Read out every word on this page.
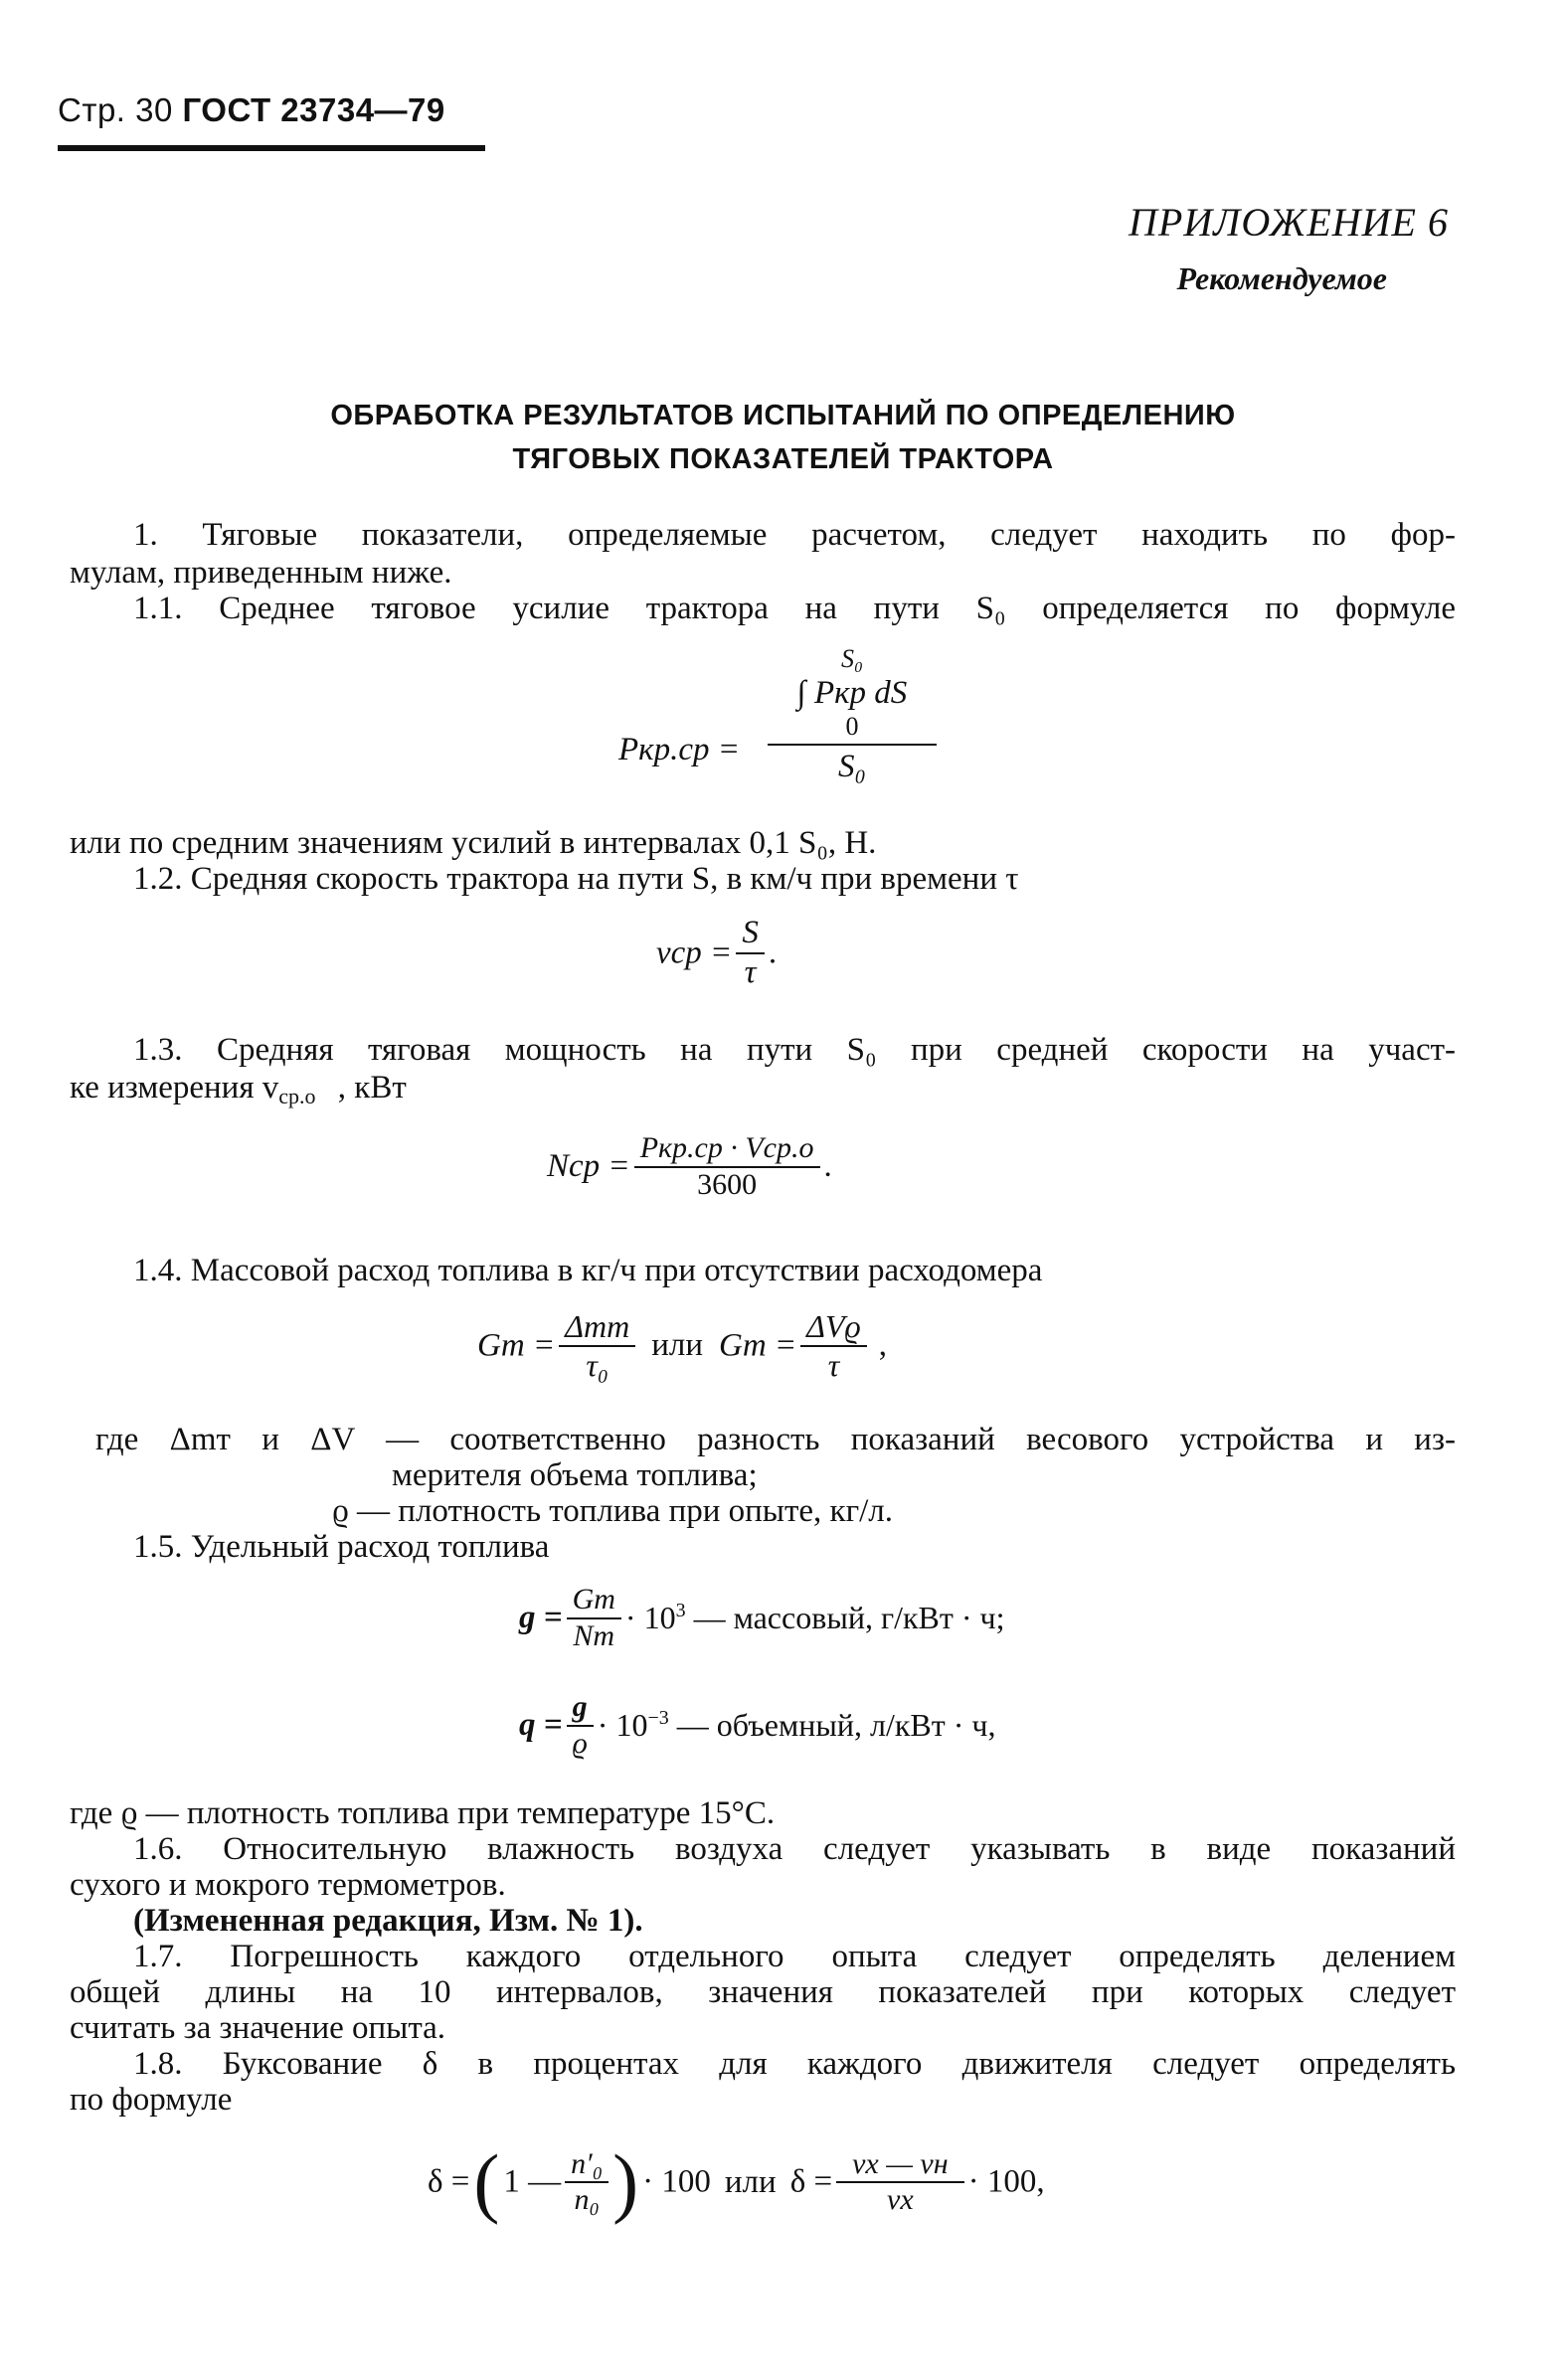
Стр. 30 ГОСТ 23734—79
ПРИЛОЖЕНИЕ 6
Рекомендуемое
ОБРАБОТКА РЕЗУЛЬТАТОВ ИСПЫТАНИЙ ПО ОПРЕДЕЛЕНИЮ
ТЯГОВЫХ ПОКАЗАТЕЛЕЙ ТРАКТОРА
1. Тяговые показатели, определяемые расчетом, следует находить по фор-
мулам, приведенным ниже.
1.1. Среднее тяговое усилие трактора на пути S₀ определяется по формуле
Pкр.ср =
S₀
∫ Pкр dS
0
S₀
или по средним значениям усилий в интервалах 0,1 S₀, Н.
1.2. Средняя скорость трактора на пути S, в км/ч при времени τ
vср = $\frac{S}{\tau}$ .
1.3. Средняя тяговая мощность на пути S₀ при средней скорости на участ-
ке измерения $v_{ср.о}$ , кВт
Nср = $\frac{\text{Pкр.ср · Vср.о}}{3600}$ .
1.4. Массовой расход топлива в кг/ч при отсутствии расходомера
Gт = $\frac{\text{Δmт}}{\text{τ₀}}$ или Gт = $\frac{\text{ΔVϱ}}{\tau}$ ,
где Δmт и ΔV — соответственно разность показаний весового устройства и из-
мерителя объема топлива;
ϱ — плотность топлива при опыте, кг/л.
1.5. Удельный расход топлива
$g = \frac{Gт}{Nт} \cdot 10^3$ — массовый, г/кВт · ч;
$q = \frac{g}{ϱ} \cdot 10^{-3}$ — объемный, л/кВт · ч,
где ϱ — плотность топлива при температуре 15°С.
1.6. Относительную влажность воздуха следует указывать в виде показаний
сухого и мокрого термометров.
(Измененная редакция, Изм. № 1).
1.7. Погрешность каждого отдельного опыта следует определять делением
общей длины на 10 интервалов, значения показателей при которых следует
считать за значение опыта.
1.8. Буксование δ в процентах для каждого движителя следует определять
по формуле
δ = ( 1 — $\frac{\text{n′₀}}{\text{n₀}}$ ) · 100 или $\delta = \frac{vх — vн}{vх} \cdot 100$,
